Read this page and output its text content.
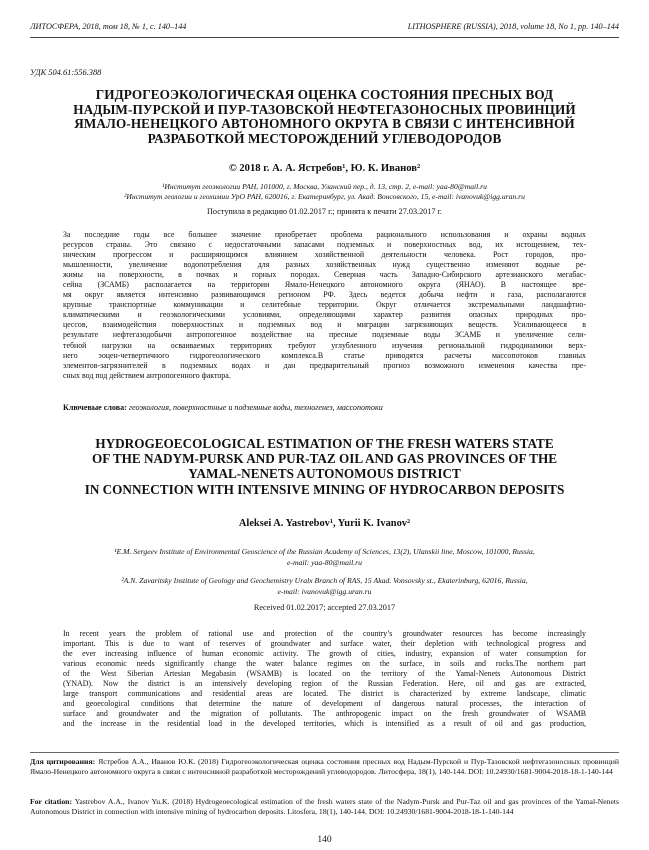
ЛИТОСФЕРА, 2018, том 18, № 1, с. 140–144	LITHOSPHERE (RUSSIA), 2018, volume 18, No 1, pp. 140–144
УДК 504.61:556.388
ГИДРОГЕОЭКОЛОГИЧЕСКАЯ ОЦЕНКА СОСТОЯНИЯ ПРЕСНЫХ ВОД
НАДЫМ-ПУРСКОЙ И ПУР-ТАЗОВСКОЙ НЕФТЕГАЗОНОСНЫХ ПРОВИНЦИЙ
ЯМАЛО-НЕНЕЦКОГО АВТОНОМНОГО ОКРУГА В СВЯЗИ С ИНТЕНСИВНОЙ
РАЗРАБОТКОЙ МЕСТОРОЖДЕНИЙ УГЛЕВОДОРОДОВ
© 2018 г. А. А. Ястребов¹, Ю. К. Иванов²
¹Институт геоэкологии РАН, 101000, г. Москва, Уланский пер., д. 13, стр. 2, e-mail: yaa-80@mail.ru
²Институт геологии и геохимии УрО РАН, 620016, г. Екатеринбург, ул. Акад. Вонсовского, 15, e-mail: ivanovuk@igg.uran.ru
Поступила в редакцию 01.02.2017 г.; принята к печати 27.03.2017 г.
За последние годы все большее значение приобретает проблема рационального использования и охраны водных
ресурсов страны. Это связано с недостаточными запасами подземных и поверхностных вод, их истощением, тех-
ническим прогрессом и расширяющимся влиянием хозяйственной деятельности человека. Рост городов, про-
мышленности, увеличение водопотребления для разных хозяйственных нужд существенно изменяют водные ре-
жимы на поверхности, в почвах и горных породах. Северная часть Западно-Сибирского артезианского мегабас-
сейна (ЗСАМБ) располагается на территории Ямало-Ненецкого автономного округа (ЯНАО). В настоящее вре-
мя округ является интенсивно развивающимся регионом РФ. Здесь ведется добыча нефти и газа, располагаются
крупные транспортные коммуникации и селитебные территории. Округ отличается экстремальными ландшафтно-
климатическими и геоэкологическими условиями, определяющими характер развития опасных природных про-
цессов, взаимодействия поверхностных и подземных вод и миграции загрязняющих веществ. Усиливающееся в
результате нефтегазодобычи антропогенное воздействие на пресные подземные воды ЗСАМБ и увеличение сели-
тебной нагрузки на осваиваемых территориях требуют углубленного изучения региональной гидродинамики верх-
него эоцен-четвертичного гидрогеологического комплекса.В статье приводятся расчеты массопотоков главных
элементов-загрязнителей в подземных водах и дан предварительный прогноз возможного изменения качества пре-
сных вод под действием антропогенного фактора.
Ключевые слова: геоэкология, поверхностные и подземные воды, техногенез, массопотоки
HYDROGEOECOLOGICAL ESTIMATION OF THE FRESH WATERS STATE
OF THE NADYM-PURSK AND PUR-TAZ OIL AND GAS PROVINCES OF THE
YAMAL-NENETS AUTONOMOUS DISTRICT
IN CONNECTION WITH INTENSIVE MINING OF HYDROCARBON DEPOSITS
Aleksei A. Yastrebov¹, Yurii K. Ivanov²
¹E.M. Sergeev Institute of Environmental Geoscience of the Russian Academy of Sciences, 13(2), Ulanskii line, Moscow, 101000, Russia,
e-mail: yaa-80@mail.ru
²A.N. Zavaritsky Institute of Geology and Geochemistry Uralx Branch of RAS, 15 Akad. Vonsovsky st., Ekaterinburg, 62016, Russia,
e-mail: ivanovuk@igg.uran.ru
Received 01.02.2017; accepted 27.03.2017
In recent years the problem of rational use and protection of the country’s groundwater resources has become increasingly
important. This is due to want of reserves of groundwater and surface water, their depletion with technological progress and
the ever increasing influence of human economic activity. The growth of cities, industry, expansion of water consumption for
various economic needs significantly change the water balance regimes on the surface, in soils and rocks.The northern part
of the West Siberian Artesian Megabasin (WSAMB) is located on the territory of the Yamal-Nenets Autonomous District
(YNAD). Now the district is an intensively developing region of the Russian Federation. Here, oil and gas are extracted,
large transport communications and residential areas are located. The district is characterized by extreme landscape, climatic
and geoecological conditions that determine the nature of development of dangerous natural processes, the interaction of
surface and groundwater and the migration of pollutants. The anthropogenic impact on the fresh groundwater of WSAMB
and the increase in the residential load in the developed territories, which is intensified as a result of oil and gas production,
Для цитирования: Ястребов А.А., Иванов Ю.К. (2018) Гидрогеоэкологическая оценка состояния пресных вод Надым-Пурской и Пур-Тазовской нефтегазоносных провинций Ямало-Ненецкого автономного округа в связи с интенсивной разработкой месторождений углеводородов. Литосфера, 18(1), 140-144. DOI: 10.24930/1681-9004-2018-18-1-140-144
For citation: Yastrebov A.A., Ivanov Yu.K. (2018) Hydrogeoecological estimation of the fresh waters state of the Nadym-Pursk and Pur-Taz oil and gas provinces of the Yamal-Nenets Autonomous District in connection with intensive mining of hydrocarbon deposits. Litosfera, 18(1), 140-144. DOI: 10.24930/1681-9004-2018-18-1-140-144
140
